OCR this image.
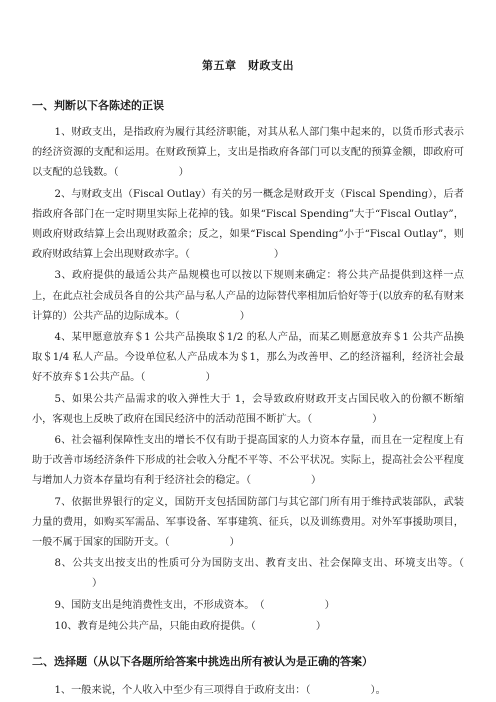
第五章　财政支出
一、判断以下各陈述的正误

1、财政支出，是指政府为履行其经济职能，对其从私人部门集中起来的，以货币形式表示的经济资源的支配和运用。在财政预算上，支出是指政府各部门可以支配的预算金额，即政府可以支配的总钱数。（	）

2、与财政支出（Fiscal Outlay）有关的另一概念是财政开支（Fiscal Spending），后者指政府各部门在一定时期里实际上花掉的钱。如果“Fiscal Spending”大于“Fiscal Outlay”，则政府财政结算上会出现财政盈余；反之，如果“Fiscal Spending”小于“Fiscal Outlay”，则政府财政结算上会出现财政赤字。（	）

3、政府提供的最适公共产品规模也可以按以下规则来确定：将公共产品提供到这样一点上，在此点社会成员各自的公共产品与私人产品的边际替代率相加后恰好等于(以放弃的私有财来计算的）公共产品的边际成本。（	）

4、某甲愿意放弃＄1 公共产品换取＄1/2 的私人产品，而某乙则愿意放弃＄1 公共产品换取＄1/4 私人产品。今设单位私人产品成本为＄1，那么为改善甲、乙的经济福利，经济社会最好不放弃＄1公共产品。（	）

5、如果公共产品需求的收入弹性大于 1，会导致政府财政开支占国民收入的份额不断缩小，客观也上反映了政府在国民经济中的活动范围不断扩大。（	）

6、社会福利保障性支出的增长不仅有助于提高国家的人力资本存量，而且在一定程度上有助于改善市场经济条件下形成的社会收入分配不平等、不公平状况。实际上，提高社会公平程度与增加人力资本存量均有利于经济社会的稳定。（	）

7、依据世界银行的定义，国防开支包括国防部门与其它部门所有用于维持武装部队，武装力量的费用，如购买军需品、军事设备、军事建筑、征兵，以及训练费用。对外军事援助项目，一般不属于国家的国防开支。（	）

8、公共支出按支出的性质可分为国防支出、教育支出、社会保障支出、环境支出等。（）

9、国防支出是纯消费性支出，不形成资本。　（	）

10、教育是纯公共产品，只能由政府提供。（	）

二、选择题（从以下各题所给答案中挑选出所有被认为是正确的答案）

1、一般来说，个人收入中至少有三项得自于政府支出：（	）。
